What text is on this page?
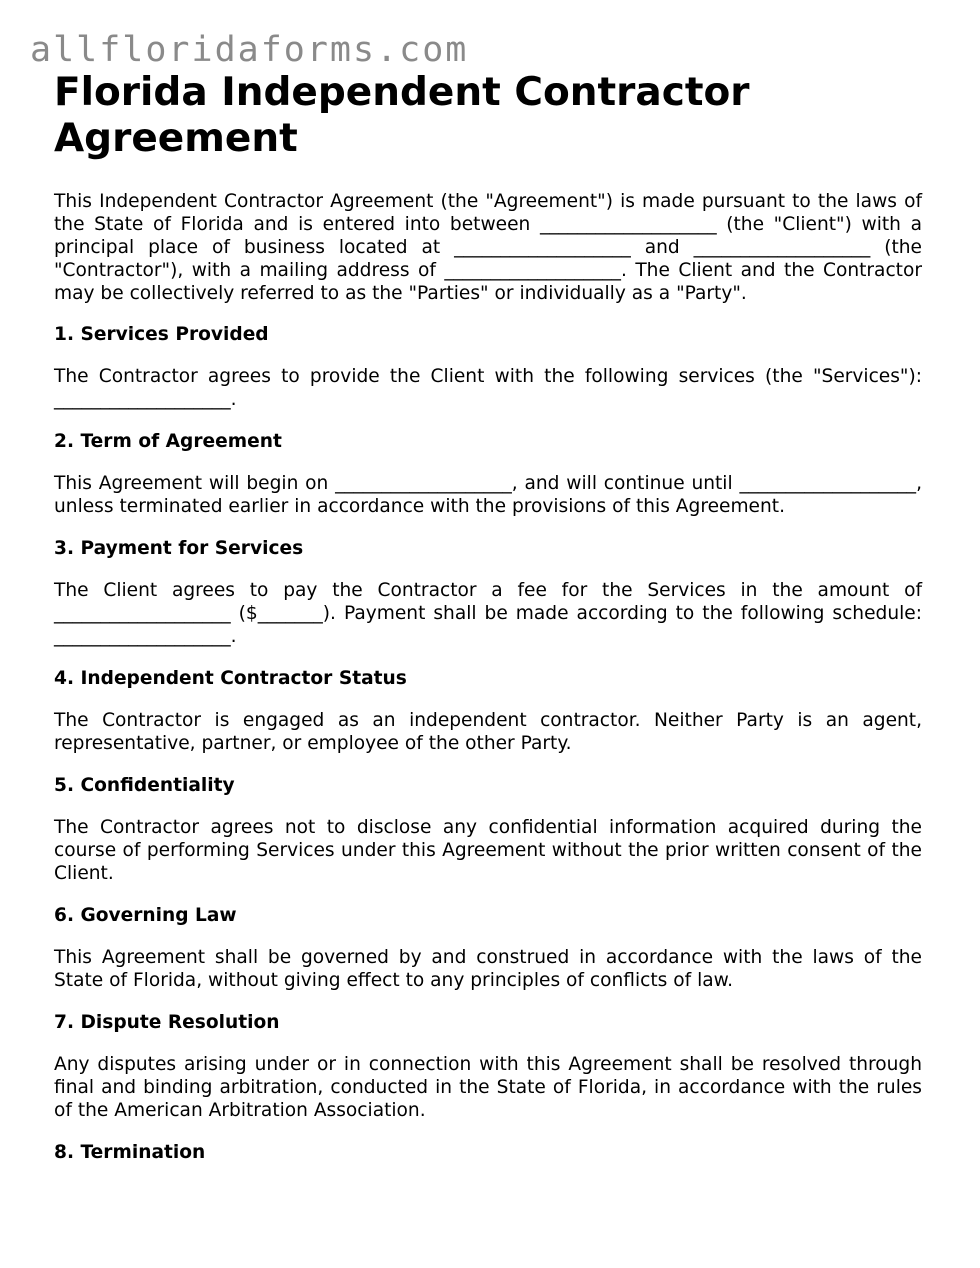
allfloridaforms.com
Florida Independent Contractor Agreement

This Independent Contractor Agreement (the "Agreement") is made pursuant to the laws of the State of Florida and is entered into between ___________________ (the "Client") with a principal place of business located at ___________________ and ___________________ (the "Contractor"), with a mailing address of ___________________. The Client and the Contractor may be collectively referred to as the "Parties" or individually as a "Party".

1. Services Provided

The Contractor agrees to provide the Client with the following services (the "Services"): ___________________.

2. Term of Agreement

This Agreement will begin on ___________________, and will continue until ___________________, unless terminated earlier in accordance with the provisions of this Agreement.

3. Payment for Services

The Client agrees to pay the Contractor a fee for the Services in the amount of ___________________ ($_______). Payment shall be made according to the following schedule: ___________________.

4. Independent Contractor Status

The Contractor is engaged as an independent contractor. Neither Party is an agent, representative, partner, or employee of the other Party.

5. Confidentiality

The Contractor agrees not to disclose any confidential information acquired during the course of performing Services under this Agreement without the prior written consent of the Client.

6. Governing Law

This Agreement shall be governed by and construed in accordance with the laws of the State of Florida, without giving effect to any principles of conflicts of law.

7. Dispute Resolution

Any disputes arising under or in connection with this Agreement shall be resolved through final and binding arbitration, conducted in the State of Florida, in accordance with the rules of the American Arbitration Association.

8. Termination
